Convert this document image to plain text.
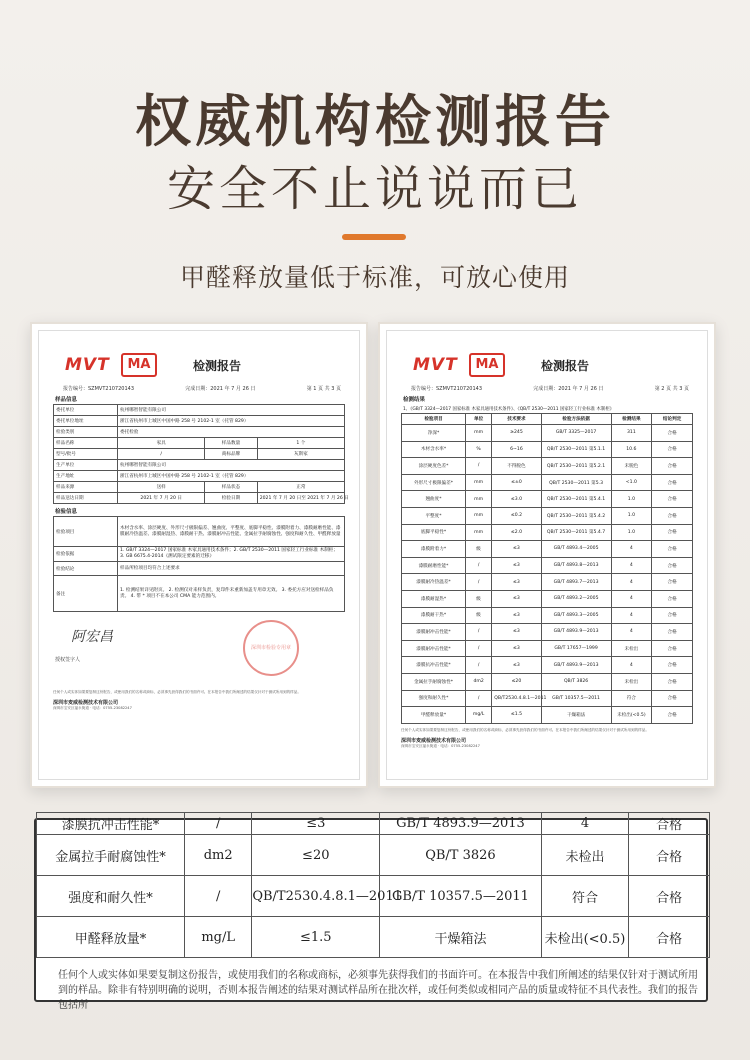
权威机构检测报告
安全不止说说而已
甲醛释放量低于标准，可放心使用
MVT	MA	检测报告
报告编号：SZMVT210720143	完成日期：2021 年 7 月 26 日	第 1 页 共 3 页
样品信息
委托单位	杭州哪智智能有限公司		
委托单位地址	浙江省杭州市上城区中国中路 258 号 2102-1 室（托管 829）		
检验类别	委托检验		
样品名称	家具	样品数量	1 个
型号/批号	/	商标品牌	灰斯家
生产单位	杭州哪智智能有限公司		
生产地址	浙江省杭州市上城区中国中路 258 号 2102-1 室（托管 829）		
样品来源	送样	样品状态	正常
样品送达日期	2021 年 7 月 20 日	检验日期	2021 年 7 月 20 日至 2021 年 7 月 26 日
检验信息
检验项目	木材含水率、涂层硬度、外形尺寸极限偏差、翘曲度、平整度、底脚平稳性、漆膜附着力、漆膜耐磨性能、漆膜耐冷热温差、漆膜耐湿热、漆膜耐干热、漆膜耐冲击性能、金属拉手耐腐蚀性、强度和耐久性、甲醛释放量
检验依据	1. GB/T 3324—2017 国家标准 木家具通用技术条件；2. GB/T 2530—2011 国家轻工行业标准 木制柜；3. GB 6675.4-2014《测试限定要素的迁移》
检验结论	样品所检项目均符合上述要求
备注	1. 检测结果详见附页。 2. 检测仅对来样负责，复印件未重新加盖专用章无效。 3. 委托方应对送检样品负责。 4. 带 * 项目不在本公司 CMA 能力范围内。
阿宏昌
授权签字人
深圳市检验专用章
任何个人或实体如果要复制这份报告，或使用我们的名称或商标，必须事先获得我们的书面许可。在本报告中我们所阐述的结果仅针对于测试所用到的样品。
深圳市麦威检测技术有限公司
深圳市宝安区福永街道 · 电话：0755-23082247
MVT	MA	检测报告
报告编号：SZMVT210720143	完成日期：2021 年 7 月 26 日	第 2 页 共 3 页
检测结果
1、《GB/T 3324—2017 国家标准 木家具通用技术条件》、《QB/T 2530—2011 国家轻工行业标准 木制柜》
检验项目	单位	技术要求	检验方法依据	检测结果	结论判定
净深*	mm	≥245	GB/T 3325—2017	311	合格
木材含水率*	%	6~16	QB/T 2530—2011 第5.1.1	10.6	合格
涂层硬度色差*	/	不得脱色	QB/T 2530—2011 第5.2.1	未脱色	合格
外形尺寸极限偏差*	mm	≤±0	QB/T 2530—2011 第5.3	<1.0	合格
翘曲度*	mm	≤3.0	QB/T 2530—2011 第5.4.1	1.0	合格
平整度*	mm	≤0.2	QB/T 2530—2011 第5.4.2	1.0	合格
底脚平稳性*	mm	≤2.0	QB/T 2530—2011 第5.4.7	1.0	合格
漆膜附着力*	级	≤3	GB/T 4893.4—2005	4	合格
漆膜耐磨性能*	/	≤3	GB/T 4893.8—2013	4	合格
漆膜耐冷热温差*	/	≤3	GB/T 4893.7—2013	4	合格
漆膜耐湿热*	级	≤3	GB/T 4893.2—2005	4	合格
漆膜耐干热*	级	≤3	GB/T 4893.3—2005	4	合格
漆膜耐冲击性能*	/	≤3	GB/T 4893.9—2013	4	合格
漆膜耐冲击性能*	/	≤3	GB/T 17657—1999	未检出	合格
漆膜抗冲击性能*	/	≤3	GB/T 4893.9—2013	4	合格
金属拉手耐腐蚀性*	dm2	≤20	QB/T 3826	未检出	合格
强度和耐久性*	/	QB/T2530.4.8.1—2011	GB/T 10357.5—2011	符合	合格
甲醛释放量*	mg/L	≤1.5	干燥箱法	未检出(<0.5)	合格
任何个人或实体如果要复制这份报告，或使用我们的名称或商标，必须事先获得我们的书面许可。在本报告中我们所阐述的结果仅针对于测试所用到的样品。
深圳市麦威检测技术有限公司
深圳市宝安区福永街道 · 电话：0755-23082247
漆膜抗冲击性能*	/	≤3	GB/T 4893.9—2013	4	合格
金属拉手耐腐蚀性*	dm2	≤20	QB/T 3826	未检出	合格
强度和耐久性*	/	QB/T2530.4.8.1—2011	GB/T 10357.5—2011	符合	合格
甲醛释放量*	mg/L	≤1.5	干燥箱法	未检出(<0.5)	合格
任何个人或实体如果要复制这份报告，或使用我们的名称或商标，必须事先获得我们的书面许可。在本报告中我们所阐述的结果仅针对于测试所用到的样品。除非有特别明确的说明，否则本报告阐述的结果对测试样品所在批次样，或任何类似或相同产品的质量或特征不具代表性。我们的报告包括所
